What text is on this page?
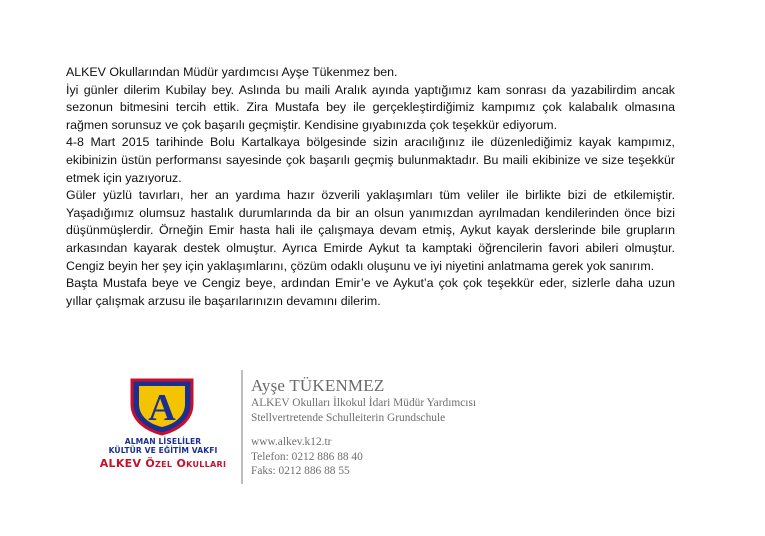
ALKEV Okullarından Müdür yardımcısı Ayşe Tükenmez ben.

İyi günler dilerim Kubilay bey. Aslında bu maili Aralık ayında yaptığımız kam sonrası da yazabilirdim ancak sezonun bitmesini tercih ettik. Zira Mustafa bey ile gerçekleştirdiğimiz kampımız çok kalabalık olmasına rağmen sorunsuz ve çok başarılı geçmiştir. Kendisine gıyabınızda çok teşekkür ediyorum.

4-8 Mart 2015 tarihinde Bolu Kartalkaya bölgesinde sizin aracılığınız ile düzenlediğimiz kayak kampımız, ekibinizin üstün performansı sayesinde çok başarılı geçmiş bulunmaktadır. Bu maili ekibinize ve size teşekkür etmek için yazıyoruz.

Güler yüzlü tavırları, her an yardıma hazır özverili yaklaşımları tüm veliler ile birlikte bizi de etkilemiştir. Yaşadığımız olumsuz hastalık durumlarında da bir an olsun yanımızdan ayrılmadan kendilerinden önce bizi düşünmüşlerdir. Örneğin Emir hasta hali ile çalışmaya devam etmiş, Aykut kayak derslerinde bile grupların arkasından kayarak destek olmuştur. Ayrıca Emirde Aykut ta kamptaki öğrencilerin favori abileri olmuştur. Cengiz beyin her şey için yaklaşımlarını, çözüm odaklı oluşunu ve iyi niyetini anlatmama gerek yok sanırım.

Başta Mustafa beye ve Cengiz beye, ardından Emir’e ve Aykut’a çok çok teşekkür eder, sizlerle daha uzun yıllar çalışmak arzusu ile başarılarınızın devamını dilerim.

A
ALMAN LİSELİLER
KÜLTÜR VE EĞİTİM VAKFI
ALKEV Özel Okulları
Ayşe TÜKENMEZ
ALKEV Okulları İlkokul İdari Müdür Yardımcısı
Stellvertretende Schulleiterin Grundschule
www.alkev.k12.tr
Telefon: 0212 886 88 40
Faks: 0212 886 88 55
